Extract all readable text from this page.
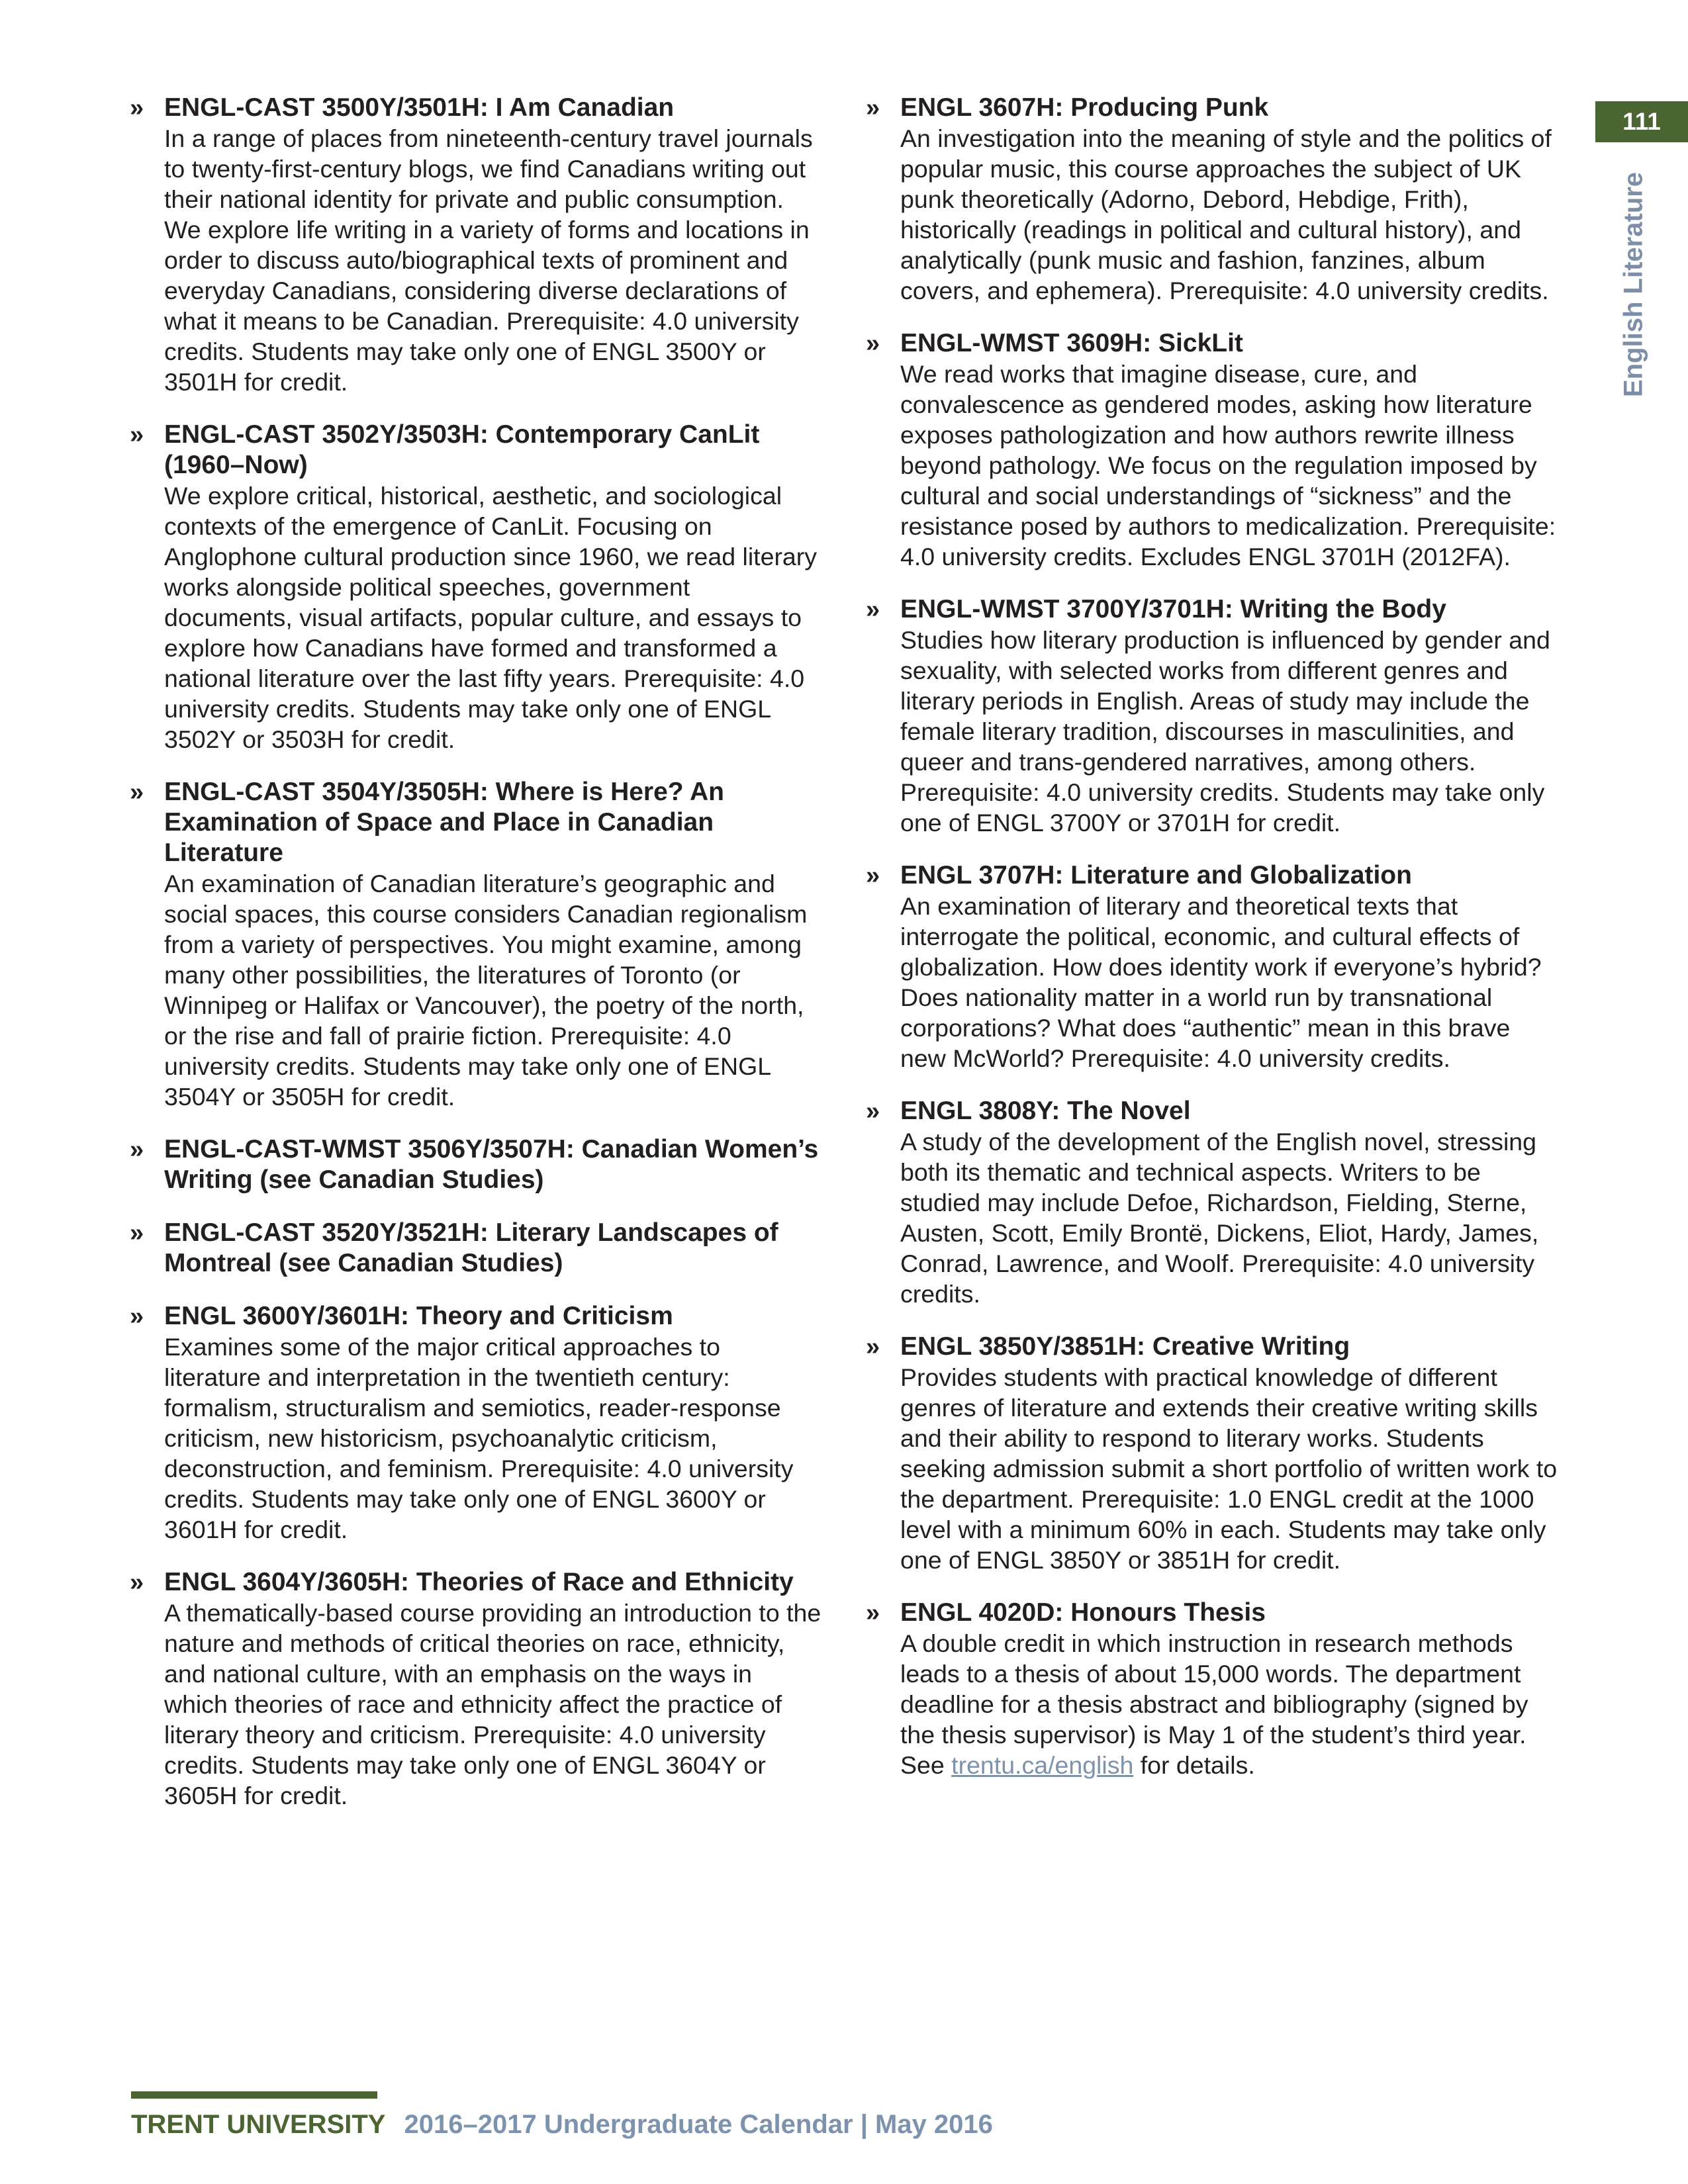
111
English Literature
» ENGL-CAST 3500Y/3501H: I Am Canadian
In a range of places from nineteenth-century travel journals to twenty-first-century blogs, we find Canadians writing out their national identity for private and public consumption. We explore life writing in a variety of forms and locations in order to discuss auto/biographical texts of prominent and everyday Canadians, considering diverse declarations of what it means to be Canadian. Prerequisite: 4.0 university credits. Students may take only one of ENGL 3500Y or 3501H for credit.
» ENGL-CAST 3502Y/3503H: Contemporary CanLit (1960–Now)
We explore critical, historical, aesthetic, and sociological contexts of the emergence of CanLit. Focusing on Anglophone cultural production since 1960, we read literary works alongside political speeches, government documents, visual artifacts, popular culture, and essays to explore how Canadians have formed and transformed a national literature over the last fifty years. Prerequisite: 4.0 university credits. Students may take only one of ENGL 3502Y or 3503H for credit.
» ENGL-CAST 3504Y/3505H: Where is Here? An Examination of Space and Place in Canadian Literature
An examination of Canadian literature’s geographic and social spaces, this course considers Canadian regionalism from a variety of perspectives. You might examine, among many other possibilities, the literatures of Toronto (or Winnipeg or Halifax or Vancouver), the poetry of the north, or the rise and fall of prairie fiction. Prerequisite: 4.0 university credits. Students may take only one of ENGL 3504Y or 3505H for credit.
» ENGL-CAST-WMST 3506Y/3507H: Canadian Women’s Writing (see Canadian Studies)
» ENGL-CAST 3520Y/3521H: Literary Landscapes of Montreal (see Canadian Studies)
» ENGL 3600Y/3601H: Theory and Criticism
Examines some of the major critical approaches to literature and interpretation in the twentieth century: formalism, structuralism and semiotics, reader-response criticism, new historicism, psychoanalytic criticism, deconstruction, and feminism. Prerequisite: 4.0 university credits. Students may take only one of ENGL 3600Y or 3601H for credit.
» ENGL 3604Y/3605H: Theories of Race and Ethnicity
A thematically-based course providing an introduction to the nature and methods of critical theories on race, ethnicity, and national culture, with an emphasis on the ways in which theories of race and ethnicity affect the practice of literary theory and criticism. Prerequisite: 4.0 university credits. Students may take only one of ENGL 3604Y or 3605H for credit.
» ENGL 3607H: Producing Punk
An investigation into the meaning of style and the politics of popular music, this course approaches the subject of UK punk theoretically (Adorno, Debord, Hebdige, Frith), historically (readings in political and cultural history), and analytically (punk music and fashion, fanzines, album covers, and ephemera). Prerequisite: 4.0 university credits.
» ENGL-WMST 3609H: SickLit
We read works that imagine disease, cure, and convalescence as gendered modes, asking how literature exposes pathologization and how authors rewrite illness beyond pathology. We focus on the regulation imposed by cultural and social understandings of “sickness” and the resistance posed by authors to medicalization. Prerequisite: 4.0 university credits. Excludes ENGL 3701H (2012FA).
» ENGL-WMST 3700Y/3701H: Writing the Body
Studies how literary production is influenced by gender and sexuality, with selected works from different genres and literary periods in English. Areas of study may include the female literary tradition, discourses in masculinities, and queer and trans-gendered narratives, among others. Prerequisite: 4.0 university credits. Students may take only one of ENGL 3700Y or 3701H for credit.
» ENGL 3707H: Literature and Globalization
An examination of literary and theoretical texts that interrogate the political, economic, and cultural effects of globalization. How does identity work if everyone’s hybrid? Does nationality matter in a world run by transnational corporations? What does “authentic” mean in this brave new McWorld? Prerequisite: 4.0 university credits.
» ENGL 3808Y: The Novel
A study of the development of the English novel, stressing both its thematic and technical aspects. Writers to be studied may include Defoe, Richardson, Fielding, Sterne, Austen, Scott, Emily Brontë, Dickens, Eliot, Hardy, James, Conrad, Lawrence, and Woolf. Prerequisite: 4.0 university credits.
» ENGL 3850Y/3851H: Creative Writing
Provides students with practical knowledge of different genres of literature and extends their creative writing skills and their ability to respond to literary works. Students seeking admission submit a short portfolio of written work to the department. Prerequisite: 1.0 ENGL credit at the 1000 level with a minimum 60% in each. Students may take only one of ENGL 3850Y or 3851H for credit.
» ENGL 4020D: Honours Thesis
A double credit in which instruction in research methods leads to a thesis of about 15,000 words. The department deadline for a thesis abstract and bibliography (signed by the thesis supervisor) is May 1 of the student’s third year. See trentu.ca/english for details.
TRENT UNIVERSITY 2016–2017 Undergraduate Calendar | May 2016
